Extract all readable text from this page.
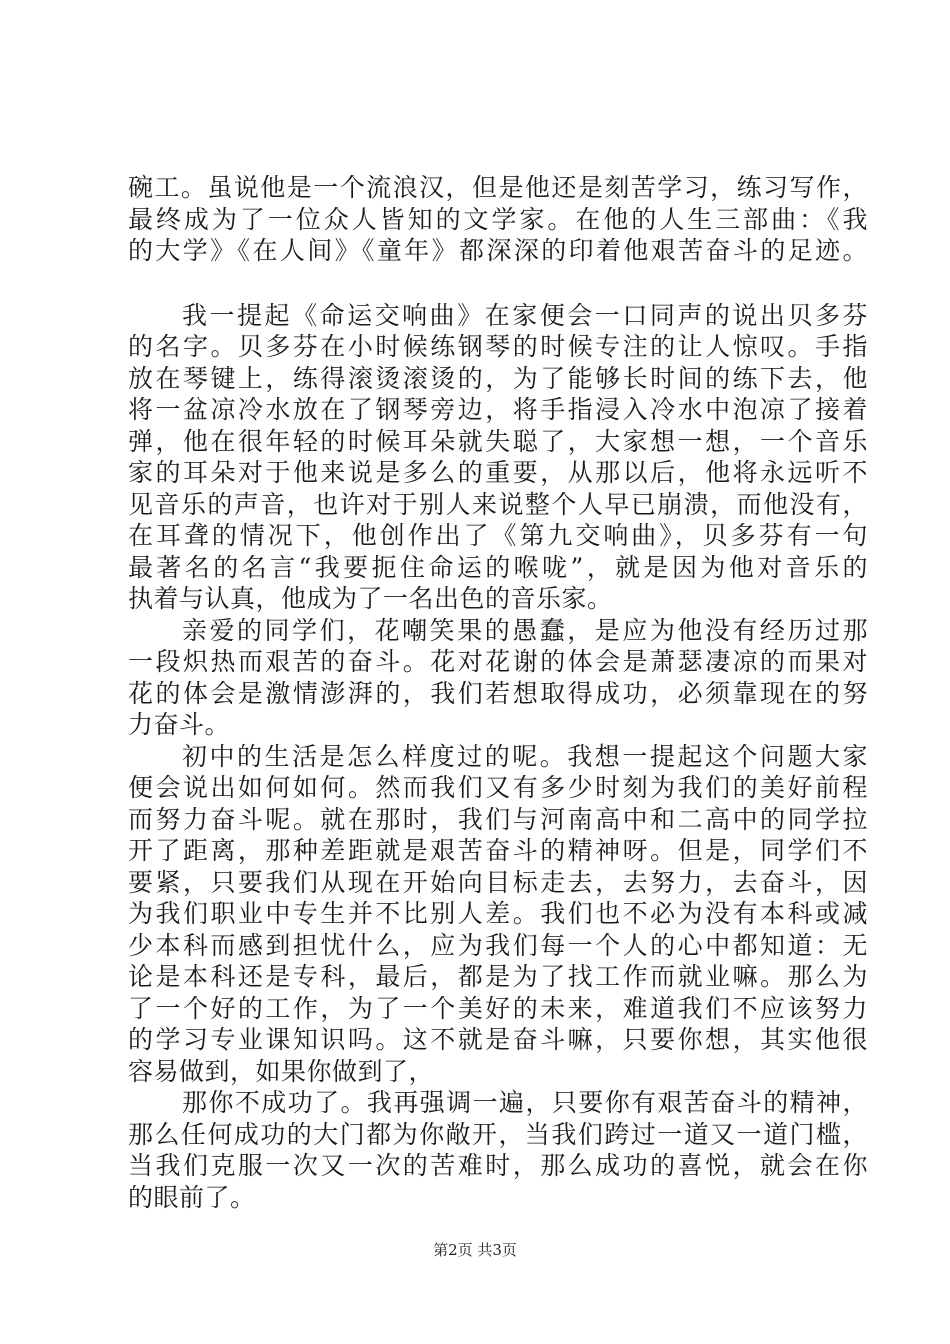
碗工。虽说他是一个流浪汉，但是他还是刻苦学习，练习写作，
最终成为了一位众人皆知的文学家。在他的人生三部曲：《我
的大学》《在人间》《童年》都深深的印着他艰苦奋斗的足迹。
我一提起《命运交响曲》在家便会一口同声的说出贝多芬
的名字。贝多芬在小时候练钢琴的时候专注的让人惊叹。手指
放在琴键上，练得滚烫滚烫的，为了能够长时间的练下去，他
将一盆凉冷水放在了钢琴旁边，将手指浸入冷水中泡凉了接着
弹，他在很年轻的时候耳朵就失聪了，大家想一想，一个音乐
家的耳朵对于他来说是多么的重要，从那以后，他将永远听不
见音乐的声音，也许对于别人来说整个人早已崩溃，而他没有，
在耳聋的情况下，他创作出了《第九交响曲》，贝多芬有一句
最著名的名言“我要扼住命运的喉咙”，就是因为他对音乐的
执着与认真，他成为了一名出色的音乐家。
亲爱的同学们，花嘲笑果的愚蠢，是应为他没有经历过那
一段炽热而艰苦的奋斗。花对花谢的体会是萧瑟凄凉的而果对
花的体会是激情澎湃的，我们若想取得成功，必须靠现在的努
力奋斗。
初中的生活是怎么样度过的呢。我想一提起这个问题大家
便会说出如何如何。然而我们又有多少时刻为我们的美好前程
而努力奋斗呢。就在那时，我们与河南高中和二高中的同学拉
开了距离，那种差距就是艰苦奋斗的精神呀。但是，同学们不
要紧，只要我们从现在开始向目标走去，去努力，去奋斗，因
为我们职业中专生并不比别人差。我们也不必为没有本科或减
少本科而感到担忧什么，应为我们每一个人的心中都知道：无
论是本科还是专科，最后，都是为了找工作而就业嘛。那么为
了一个好的工作，为了一个美好的未来，难道我们不应该努力
的学习专业课知识吗。这不就是奋斗嘛，只要你想，其实他很
容易做到，如果你做到了，
那你不成功了。我再强调一遍，只要你有艰苦奋斗的精神，
那么任何成功的大门都为你敞开，当我们跨过一道又一道门槛，
当我们克服一次又一次的苦难时，那么成功的喜悦，就会在你
的眼前了。
第2页 共3页
